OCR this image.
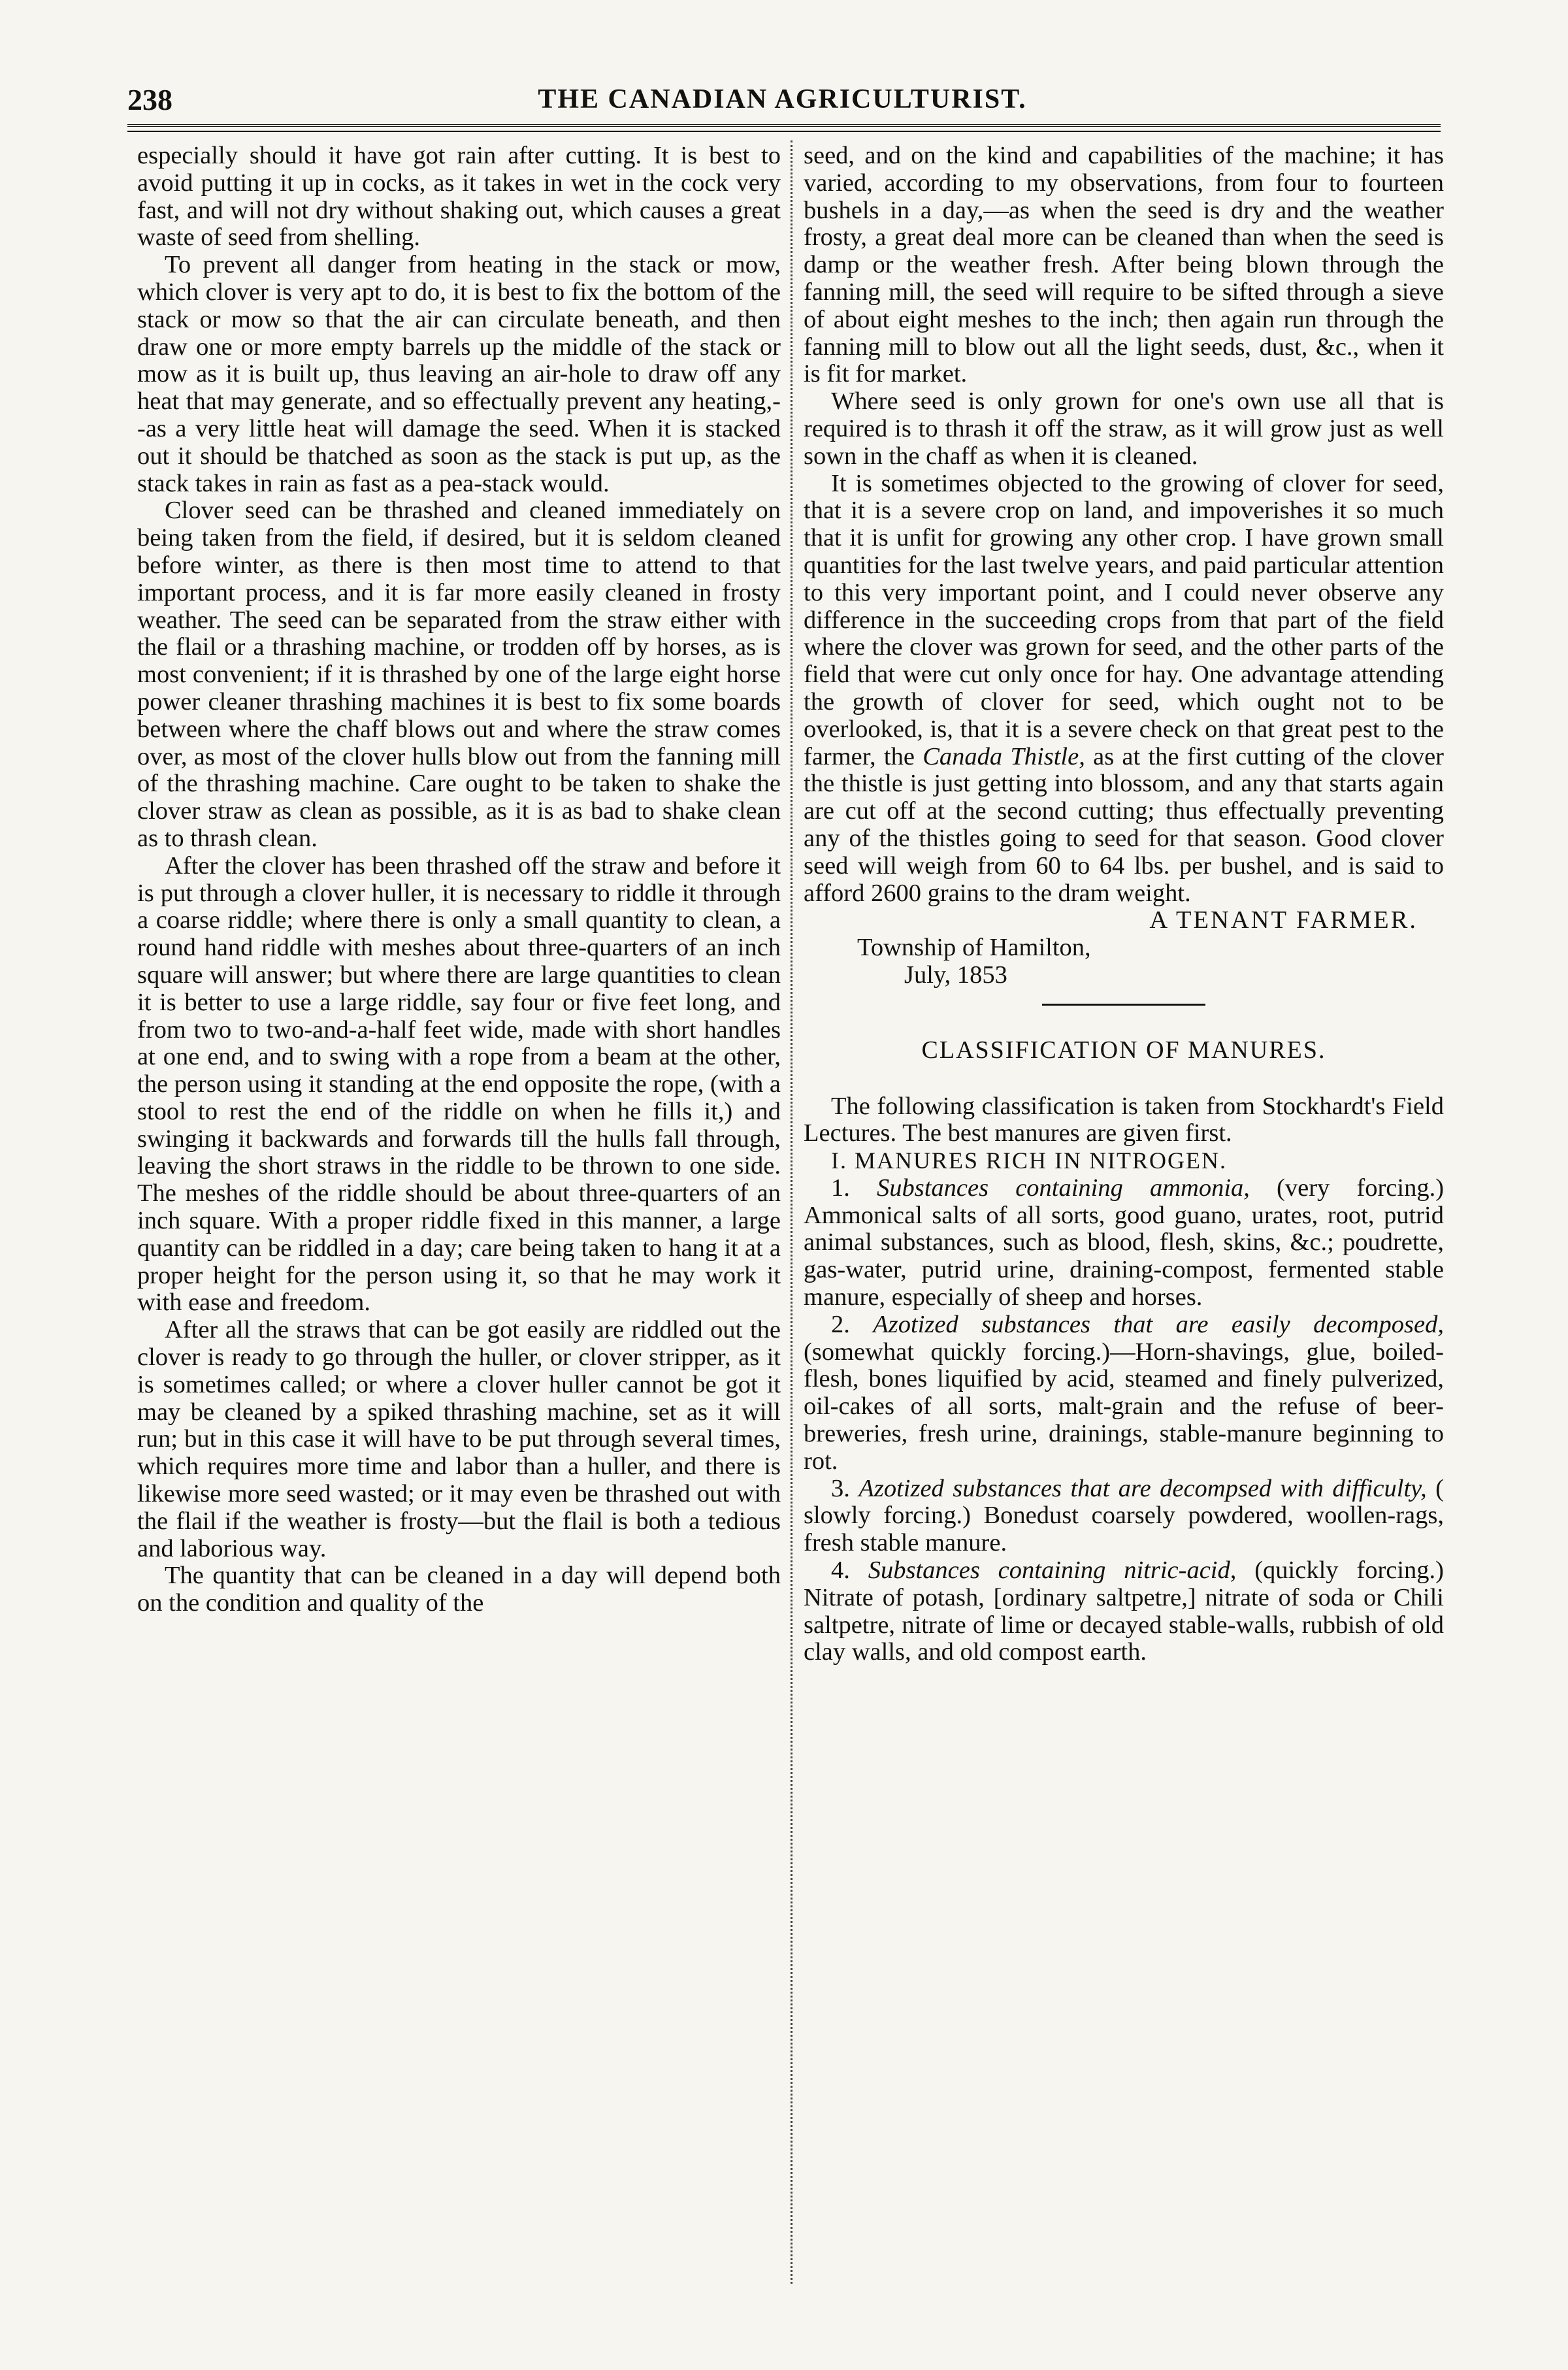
238	THE CANADIAN AGRICULTURIST.

especially should it have got rain after cutting. It is best to avoid putting it up in cocks, as it takes in wet in the cock very fast, and will not dry without shaking out, which causes a great waste of seed from shelling.

To prevent all danger from heating in the stack or mow, which clover is very apt to do, it is best to fix the bottom of the stack or mow so that the air can circulate beneath, and then draw one or more empty barrels up the middle of the stack or mow as it is built up, thus leaving an air-hole to draw off any heat that may generate, and so effectually prevent any heating,--as a very little heat will damage the seed. When it is stacked out it should be thatched as soon as the stack is put up, as the stack takes in rain as fast as a pea-stack would.

Clover seed can be thrashed and cleaned immediately on being taken from the field, if desired, but it is seldom cleaned before winter, as there is then most time to attend to that important process, and it is far more easily cleaned in frosty weather. The seed can be separated from the straw either with the flail or a thrashing machine, or trodden off by horses, as is most convenient; if it is thrashed by one of the large eight horse power cleaner thrashing machines it is best to fix some boards between where the chaff blows out and where the straw comes over, as most of the clover hulls blow out from the fanning mill of the thrashing machine. Care ought to be taken to shake the clover straw as clean as possible, as it is as bad to shake clean as to thrash clean.

After the clover has been thrashed off the straw and before it is put through a clover huller, it is necessary to riddle it through a coarse riddle; where there is only a small quantity to clean, a round hand riddle with meshes about three-quarters of an inch square will answer; but where there are large quantities to clean it is better to use a large riddle, say four or five feet long, and from two to two-and-a-half feet wide, made with short handles at one end, and to swing with a rope from a beam at the other, the person using it standing at the end opposite the rope, (with a stool to rest the end of the riddle on when he fills it,) and swinging it backwards and forwards till the hulls fall through, leaving the short straws in the riddle to be thrown to one side. The meshes of the riddle should be about three-quarters of an inch square. With a proper riddle fixed in this manner, a large quantity can be riddled in a day; care being taken to hang it at a proper height for the person using it, so that he may work it with ease and freedom.

After all the straws that can be got easily are riddled out the clover is ready to go through the huller, or clover stripper, as it is sometimes called; or where a clover huller cannot be got it may be cleaned by a spiked thrashing machine, set as it will run; but in this case it will have to be put through several times, which requires more time and labor than a huller, and there is likewise more seed wasted; or it may even be thrashed out with the flail if the weather is frosty—but the flail is both a tedious and laborious way.

The quantity that can be cleaned in a day will depend both on the condition and quality of the

seed, and on the kind and capabilities of the machine; it has varied, according to my observations, from four to fourteen bushels in a day,—as when the seed is dry and the weather frosty, a great deal more can be cleaned than when the seed is damp or the weather fresh. After being blown through the fanning mill, the seed will require to be sifted through a sieve of about eight meshes to the inch; then again run through the fanning mill to blow out all the light seeds, dust, &c., when it is fit for market.

Where seed is only grown for one's own use all that is required is to thrash it off the straw, as it will grow just as well sown in the chaff as when it is cleaned.

It is sometimes objected to the growing of clover for seed, that it is a severe crop on land, and impoverishes it so much that it is unfit for growing any other crop. I have grown small quantities for the last twelve years, and paid particular attention to this very important point, and I could never observe any difference in the succeeding crops from that part of the field where the clover was grown for seed, and the other parts of the field that were cut only once for hay. One advantage attending the growth of clover for seed, which ought not to be overlooked, is, that it is a severe check on that great pest to the farmer, the Canada Thistle, as at the first cutting of the clover the thistle is just getting into blossom, and any that starts again are cut off at the second cutting; thus effectually preventing any of the thistles going to seed for that season. Good clover seed will weigh from 60 to 64 lbs. per bushel, and is said to afford 2600 grains to the dram weight.

A TENANT FARMER.

Township of Hamilton,

July, 1853

CLASSIFICATION OF MANURES.

The following classification is taken from Stockhardt's Field Lectures. The best manures are given first.

I. MANURES RICH IN NITROGEN.

1. Substances containing ammonia, (very forcing.) Ammonical salts of all sorts, good guano, urates, root, putrid animal substances, such as blood, flesh, skins, &c.; poudrette, gas-water, putrid urine, draining-compost, fermented stable manure, especially of sheep and horses.

2. Azotized substances that are easily decomposed, (somewhat quickly forcing.)—Horn-shavings, glue, boiled-flesh, bones liquified by acid, steamed and finely pulverized, oil-cakes of all sorts, malt-grain and the refuse of beer-breweries, fresh urine, drainings, stable-manure beginning to rot.

3. Azotized substances that are decompsed with difficulty, ( slowly forcing.) Bonedust coarsely powdered, woollen-rags, fresh stable manure.

4. Substances containing nitric-acid, (quickly forcing.) Nitrate of potash, [ordinary saltpetre,] nitrate of soda or Chili saltpetre, nitrate of lime or decayed stable-walls, rubbish of old clay walls, and old compost earth.
